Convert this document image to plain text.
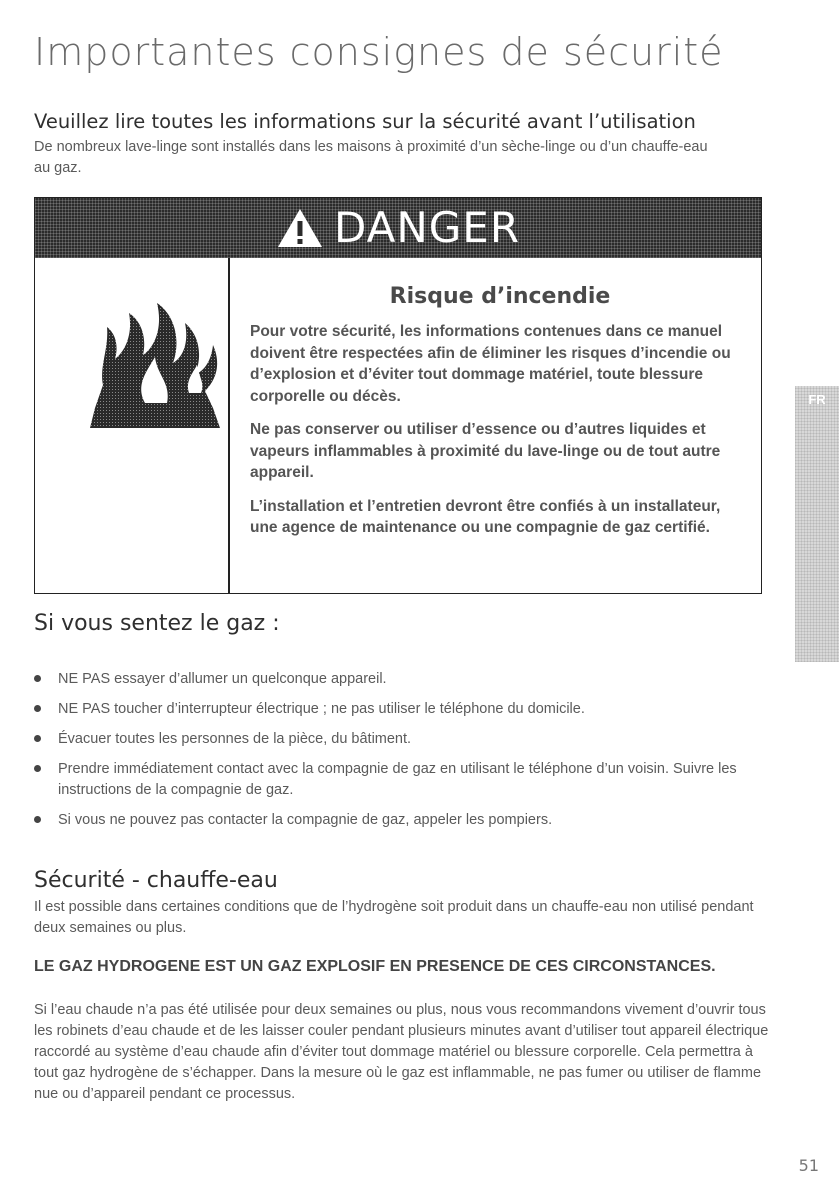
Importantes consignes de sécurité
Veuillez lire toutes les informations sur la sécurité avant l’utilisation

De nombreux lave-linge sont installés dans les maisons à proximité d’un sèche-linge ou d’un chauffe-eau au gaz.

DANGER

Risque d’incendie

Pour votre sécurité, les informations contenues dans ce manuel doivent être respectées afin de éliminer les risques d’incendie ou d’explosion et d’éviter tout dommage matériel, toute blessure corporelle ou décès.

Ne pas conserver ou utiliser d’essence ou d’autres liquides et vapeurs inflammables à proximité du lave-linge ou de tout autre appareil.

L’installation et l’entretien devront être confiés à un installateur, une agence de maintenance ou une compagnie de gaz certifié.

FR
Si vous sentez le gaz :
NE PAS essayer d’allumer un quelconque appareil.
NE PAS toucher d’interrupteur électrique ; ne pas utiliser le téléphone du domicile.
Évacuer toutes les personnes de la pièce, du bâtiment.
Prendre immédiatement contact avec la compagnie de gaz en utilisant le téléphone d’un voisin. Suivre les instructions de la compagnie de gaz.
Si vous ne pouvez pas contacter la compagnie de gaz, appeler les pompiers.
Sécurité - chauffe-eau

Il est possible dans certaines conditions que de l’hydrogène soit produit dans un chauffe-eau non utilisé pendant deux semaines ou plus.

LE GAZ HYDROGENE EST UN GAZ EXPLOSIF EN PRESENCE DE CES CIRCONSTANCES.

Si l’eau chaude n’a pas été utilisée pour deux semaines ou plus, nous vous recommandons vivement d’ouvrir tous les robinets d’eau chaude et de les laisser couler pendant plusieurs minutes avant d’utiliser tout appareil électrique raccordé au système d’eau chaude afin d’éviter tout dommage matériel ou blessure corporelle. Cela permettra à tout gaz hydrogène de s’échapper. Dans la mesure où le gaz est inflammable, ne pas fumer ou utiliser de flamme nue ou d’appareil pendant ce processus.

51
